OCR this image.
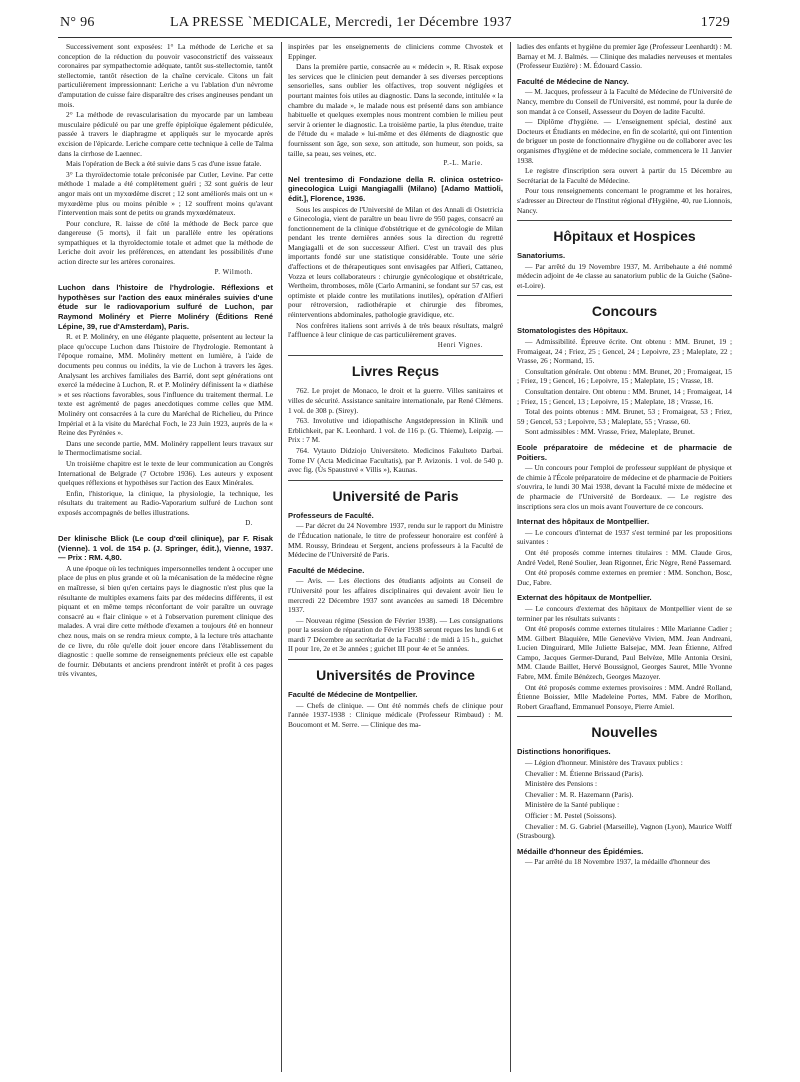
N° 96	LA PRESSE ˋMEDICALE, Mercredi, 1er Décembre 1937	1729
Successivement sont exposées: 1° La méthode de Leriche et sa conception de la réduction du pouvoir vasoconstrictif des vaisseaux coronaires par sympathectomie adéquate, tantôt sus-stellectomie, tantôt stellectomie, tantôt résection de la chaîne cervicale. Citons un fait particulièrement impressionnant: Leriche a vu l'ablation d'un névrome d'amputation de cuisse faire disparaître des crises angineuses pendant un mois.
2° La méthode de revascularisation du myocarde par un lambeau musculaire pédiculé ou par une greffe épiploïque également pédiculée, passée à travers le diaphragme et appliqués sur le myocarde après excision de l'épicarde. Leriche compare cette technique à celle de Talma dans la cirrhose de Laennec.
Mais l'opération de Beck a été suivie dans 5 cas d'une issue fatale.
3° La thyroïdectomie totale préconisée par Cutler, Levine. Par cette méthode 1 malade a été complètement guéri ; 32 sont guéris de leur angor mais ont un myxœdème discret ; 12 sont améliorés mais ont un « myxœdème plus ou moins pénible » ; 12 souffrent moins qu'avant l'intervention mais sont de petits ou grands myxœdémateux.
Pour conclure, R. laisse de côté la méthode de Beck parce que dangereuse (5 morts), il fait un parallèle entre les opérations sympathiques et la thyroïdectomie totale et admet que la méthode de Leriche doit avoir les préférences, en attendant les possibilités d'une action directe sur les artères coronaires.
P. Wilmoth.
Luchon dans l'histoire de l'hydrologie. Réflexions et hypothèses sur l'action des eaux minérales suivies d'une étude sur le radiovaporium sulfuré de Luchon, par Raymond Molinéry et Pierre Molinéry (Éditions René Lépine, 39, rue d'Amsterdam), Paris.
R. et P. Molinéry, en une élégante plaquette, présentent au lecteur la place qu'occupe Luchon dans l'histoire de l'hydrologie. Remontant à l'époque romaine, MM. Molinéry mettent en lumière, à l'aide de documents peu connus ou inédits, la vie de Luchon à travers les âges. Analysant les archives familiales des Barrié, dont sept générations ont exercé la médecine à Luchon, R. et P. Molinéry définissent la « diathèse » et ses réactions favorables, sous l'influence du traitement thermal. Le texte est agrémenté de pages anecdotiques comme celles que MM. Molinéry ont consacrées à la cure du Maréchal de Richelieu, du Prince Impérial et à la visite du Maréchal Foch, le 23 Juin 1923, auprès de la « Reine des Pyrénées ».
Dans une seconde partie, MM. Molinéry rappellent leurs travaux sur le Thermoclimatisme social.
Un troisième chapitre est le texte de leur communication au Congrès International de Belgrade (7 Octobre 1936). Les auteurs y exposent quelques réflexions et hypothèses sur l'action des Eaux Minérales.
Enfin, l'historique, la clinique, la physiologie, la technique, les résultats du traitement au Radio-Vaporarium sulfuré de Luchon sont exposés accompagnés de belles illustrations.
D.
Der klinische Blick (Le coup d'œil clinique), par F. Risak (Vienne). 1 vol. de 154 p. (J. Springer, édit.), Vienne, 1937. — Prix : RM. 4,80.
A une époque où les techniques impersonnelles tendent à occuper une place de plus en plus grande et où la mécanisation de la médecine règne en maîtresse, si bien qu'en certains pays le diagnostic n'est plus que la résultante de multiples examens faits par des médecins différents, il est piquant et en même temps réconfortant de voir paraître un ouvrage consacré au « flair clinique » et à l'observation purement clinique des malades. A vrai dire cette méthode d'examen a toujours été en honneur chez nous, mais on se rendra mieux compte, à la lecture très attachante de ce livre, du rôle qu'elle doit jouer encore dans l'établissement du diagnostic : quelle somme de renseignements précieux elle est capable de fournir. Débutants et anciens prendront intérêt et profit à ces pages très vivantes,
inspirées par les enseignements de cliniciens comme Chvostek et Eppinger.
Dans la première partie, consacrée au « médecin », R. Risak expose les services que le clinicien peut demander à ses diverses perceptions sensorielles, sans oublier les olfactives, trop souvent négligées et pourtant maintes fois utiles au diagnostic. Dans la seconde, intitulée « la chambre du malade », le malade nous est présenté dans son ambiance habituelle et quelques exemples nous montrent combien le milieu peut servir à orienter le diagnostic. La troisième partie, la plus étendue, traite de l'étude du « malade » lui-même et des éléments de diagnostic que fournissent son âge, son sexe, son attitude, son humeur, son poids, sa taille, sa peau, ses veines, etc.
P.-L. Marie.
Nel trentesimo di Fondazione della R. clinica ostetrico-ginecologica Luigi Mangiagalli (Milano) [Adamo Mattioli, édit.], Florence, 1936.
Sous les auspices de l'Université de Milan et des Annali di Ostetricia e Ginecologia, vient de paraître un beau livre de 950 pages, consacré au fonctionnement de la clinique d'obstétrique et de gynécologie de Milan pendant les trente dernières années sous la direction du regretté Mangiagalli et de son successeur Alfieri. C'est un travail des plus importants fondé sur une statistique considérable. Toute une série d'affections et de thérapeutiques sont envisagées par Alfieri, Cattaneo, Vozza et leurs collaborateurs : chirurgie gynécologique et obstétricale, Wertheim, thromboses, môle (Carlo Armanini, se fondant sur 57 cas, est optimiste et plaide contre les mutilations inutiles), opération d'Alfieri pour rétroversion, radiothérapie et chirurgie des fibromes, réinterventions abdominales, pathologie gravidique, etc.
Nos confrères italiens sont arrivés à de très beaux résultats, malgré l'affluence à leur clinique de cas particulièrement graves.
Henri Vignes.
Livres Reçus
762. Le projet de Monaco, le droit et la guerre. Villes sanitaires et villes de sécurité. Assistance sanitaire internationale, par René Clémens. 1 vol. de 308 p. (Sirey).
763. Involutive und idiopathische Angstdepression in Klinik und Erblichkeit, par K. Leonhard. 1 vol. de 116 p. (G. Thieme), Leipzig. — Prix : 7 M.
764. Vytauto Didziojo Universiteto. Medicinos Fakulteto Darbai. Tome IV (Acta Medicinae Facultatis), par P. Avizonis. 1 vol. de 540 p. avec fig. (Ùs Spaustuvé « Villis »), Kaunas.
Université de Paris
Professeurs de Faculté.
— Par décret du 24 Novembre 1937, rendu sur le rapport du Ministre de l'Éducation nationale, le titre de professeur honoraire est conféré à MM. Roussy, Brindeau et Sergent, anciens professeurs à la Faculté de Médecine de l'Université de Paris.
Faculté de Médecine.
— Avis. — Les élections des étudiants adjoints au Conseil de l'Université pour les affaires disciplinaires qui devaient avoir lieu le mercredi 22 Décembre 1937 sont avancées au samedi 18 Décembre 1937.
— Nouveau régime (Session de Février 1938). — Les consignations pour la session de réparation de Février 1938 seront reçues les lundi 6 et mardi 7 Décembre au secrétariat de la Faculté : de midi à 15 h., guichet II pour 1re, 2e et 3e années ; guichet III pour 4e et 5e années.
Universités de Province
Faculté de Médecine de Montpellier.
— Chefs de clinique. — Ont été nommés chefs de clinique pour l'année 1937-1938 : Clinique médicale (Professeur Rimbaud) : M. Boucomont et M. Serre. — Clinique des ma-
ladies des enfants et hygiène du premier âge (Professeur Leenhardt) : M. Barnay et M. J. Balmès. — Clinique des maladies nerveuses et mentales (Professeur Euzière) : M. Édouard Cassio.
Faculté de Médecine de Nancy.
— M. Jacques, professeur à la Faculté de Médecine de l'Université de Nancy, membre du Conseil de l'Université, est nommé, pour la durée de son mandat à ce Conseil, Assesseur du Doyen de ladite Faculté.
— Diplôme d'hygiène. — L'enseignement spécial, destiné aux Docteurs et Étudiants en médecine, en fin de scolarité, qui ont l'intention de briguer un poste de fonctionnaire d'hygiène ou de collaborer avec les organismes d'hygiène et de médecine sociale, commencera le 11 Janvier 1938.
Le registre d'inscription sera ouvert à partir du 15 Décembre au Secrétariat de la Faculté de Médecine.
Pour tous renseignements concernant le programme et les horaires, s'adresser au Directeur de l'Institut régional d'Hygiène, 40, rue Lionnois, Nancy.
Hôpitaux et Hospices
Sanatoriums.
— Par arrêté du 19 Novembre 1937, M. Arribehaute a été nommé médecin adjoint de 4e classe au sanatorium public de la Guiche (Saône-et-Loire).
Concours
Stomatologistes des Hôpitaux.
— Admissibilité. Épreuve écrite. Ont obtenu : MM. Brunet, 19 ; Fromaigeat, 24 ; Friez, 25 ; Gencel, 24 ; Lepoivre, 23 ; Maleplate, 22 ; Vrasse, 26 ; Normand, 15.
Consultation générale. Ont obtenu : MM. Brunet, 20 ; Fromaigeat, 15 ; Friez, 19 ; Gencel, 16 ; Lepoivre, 15 ; Maleplate, 15 ; Vrasse, 18.
Consultation dentaire. Ont obtenu : MM. Brunet, 14 ; Fromaigeat, 14 ; Friez, 15 ; Gencel, 13 ; Lepoivre, 15 ; Maleplate, 18 ; Vrasse, 16.
Total des points obtenus : MM. Brunet, 53 ; Fromaigeat, 53 ; Friez, 59 ; Gencel, 53 ; Lepoivre, 53 ; Maleplate, 55 ; Vrasse, 60.
Sont admissibles : MM. Vrasse, Friez, Maleplate, Brunet.
Ecole préparatoire de médecine et de pharmacie de Poitiers.
— Un concours pour l'emploi de professeur suppléant de physique et de chimie à l'École préparatoire de médecine et de pharmacie de Poitiers s'ouvrira, le lundi 30 Mai 1938, devant la Faculté mixte de médecine et de pharmacie de l'Université de Bordeaux. — Le registre des inscriptions sera clos un mois avant l'ouverture de ce concours.
Internat des hôpitaux de Montpellier.
— Le concours d'internat de 1937 s'est terminé par les propositions suivantes :
Ont été proposés comme internes titulaires : MM. Claude Gros, André Vedel, René Soulier, Jean Rigonnet, Éric Nègre, René Passemard.
Ont été proposés comme externes en premier : MM. Sonchon, Bosc, Duc, Fabre.
Externat des hôpitaux de Montpellier.
— Le concours d'externat des hôpitaux de Montpellier vient de se terminer par les résultats suivants :
Ont été proposés comme externes titulaires : Mlle Marianne Cadier ; MM. Gilbert Blaquière, Mlle Geneviève Vivien, MM. Jean Andreani, Lucien Dinguirard, Mlle Juliette Balsejac, MM. Jean Étienne, Alfred Campo, Jacques Germer-Durand, Paul Belvèze, Mlle Antonia Orsini, MM. Claude Baillet, Hervé Boussignol, Georges Sauret, Mlle Yvonne Fabre, MM. Émile Bénézech, Georges Mazoyer.
Ont été proposés comme externes provisoires : MM. André Rolland, Étienne Boissier, Mlle Madeleine Portes, MM. Fabre de Morlhon, Robert Graafland, Emmanuel Ponsoye, Pierre Amiel.
Nouvelles
Distinctions honorifiques.
— Légion d'honneur. Ministère des Travaux publics :
Chevalier : M. Étienne Brissaud (Paris).
Ministère des Pensions :
Chevalier : M. R. Hazemann (Paris).
Ministère de la Santé publique :
Officier : M. Pestel (Soissons).
Chevalier : M. G. Gabriel (Marseille), Vagnon (Lyon), Maurice Wolff (Strasbourg).
Médaille d'honneur des Épidémies.
— Par arrêté du 18 Novembre 1937, la médaille d'honneur des
